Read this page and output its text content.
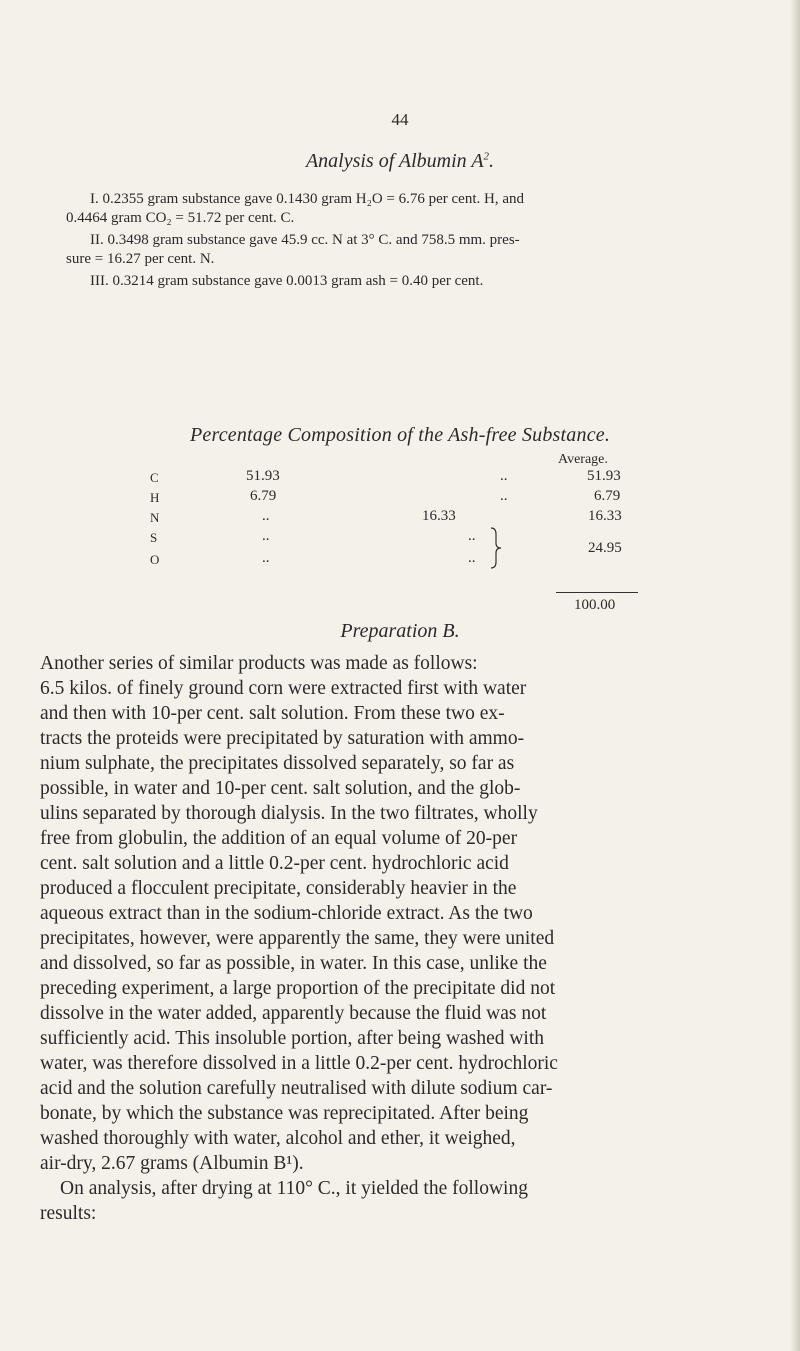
44
Analysis of Albumin $A^2$.
I. 0.2355 gram substance gave 0.1430 gram H₂O = 6.76 per cent. H, and
0.4464 gram CO₂ = 51.72 per cent. C.
II. 0.3498 gram substance gave 45.9 cc. N at 3° C. and 758.5 mm. pres-
sure = 16.27 per cent. N.
III. 0.3214 gram substance gave 0.0013 gram ash = 0.40 per cent.
Percentage Composition of the Ash-free Substance.
Average.
C	51.93	..	51.93
H	6.79	..	6.79
N	..	16.33	16.33
S	..	..
O	..	..
24.95
100.00
Preparation B.
Another series of similar products was made as follows:
6.5 kilos. of finely ground corn were extracted first with water
and then with 10-per cent. salt solution. From these two ex-
tracts the proteids were precipitated by saturation with ammo-
nium sulphate, the precipitates dissolved separately, so far as
possible, in water and 10-per cent. salt solution, and the glob-
ulins separated by thorough dialysis. In the two filtrates, wholly
free from globulin, the addition of an equal volume of 20-per
cent. salt solution and a little 0.2-per cent. hydrochloric acid
produced a flocculent precipitate, considerably heavier in the
aqueous extract than in the sodium-chloride extract. As the two
precipitates, however, were apparently the same, they were united
and dissolved, so far as possible, in water. In this case, unlike the
preceding experiment, a large proportion of the precipitate did not
dissolve in the water added, apparently because the fluid was not
sufficiently acid. This insoluble portion, after being washed with
water, was therefore dissolved in a little 0.2-per cent. hydrochloric
acid and the solution carefully neutralised with dilute sodium car-
bonate, by which the substance was reprecipitated. After being
washed thoroughly with water, alcohol and ether, it weighed,
air-dry, 2.67 grams (Albumin B¹).
On analysis, after drying at 110° C., it yielded the following
results:
